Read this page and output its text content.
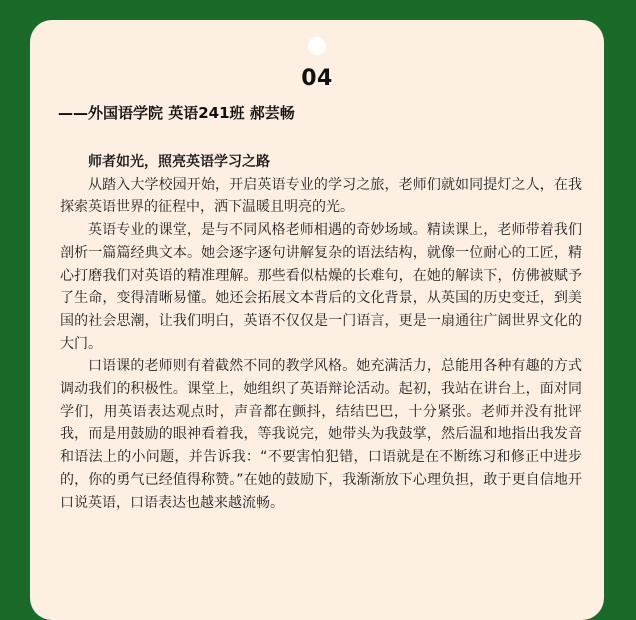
04
——外国语学院 英语241班 郝芸畅

师者如光，照亮英语学习之路

从踏入大学校园开始，开启英语专业的学习之旅，老师们就如同提灯之人，在我探索英语世界的征程中，洒下温暖且明亮的光。

英语专业的课堂，是与不同风格老师相遇的奇妙场域。精读课上，老师带着我们剖析一篇篇经典文本。她会逐字逐句讲解复杂的语法结构，就像一位耐心的工匠，精心打磨我们对英语的精准理解。那些看似枯燥的长难句，在她的解读下，仿佛被赋予了生命，变得清晰易懂。她还会拓展文本背后的文化背景，从英国的历史变迁，到美国的社会思潮，让我们明白，英语不仅仅是一门语言，更是一扇通往广阔世界文化的大门。

口语课的老师则有着截然不同的教学风格。她充满活力，总能用各种有趣的方式调动我们的积极性。课堂上，她组织了英语辩论活动。起初，我站在讲台上，面对同学们，用英语表达观点时，声音都在颤抖，结结巴巴，十分紧张。老师并没有批评我，而是用鼓励的眼神看着我，等我说完，她带头为我鼓掌，然后温和地指出我发音和语法上的小问题，并告诉我：“不要害怕犯错，口语就是在不断练习和修正中进步的，你的勇气已经值得称赞。”在她的鼓励下，我渐渐放下心理负担，敢于更自信地开口说英语，口语表达也越来越流畅。
